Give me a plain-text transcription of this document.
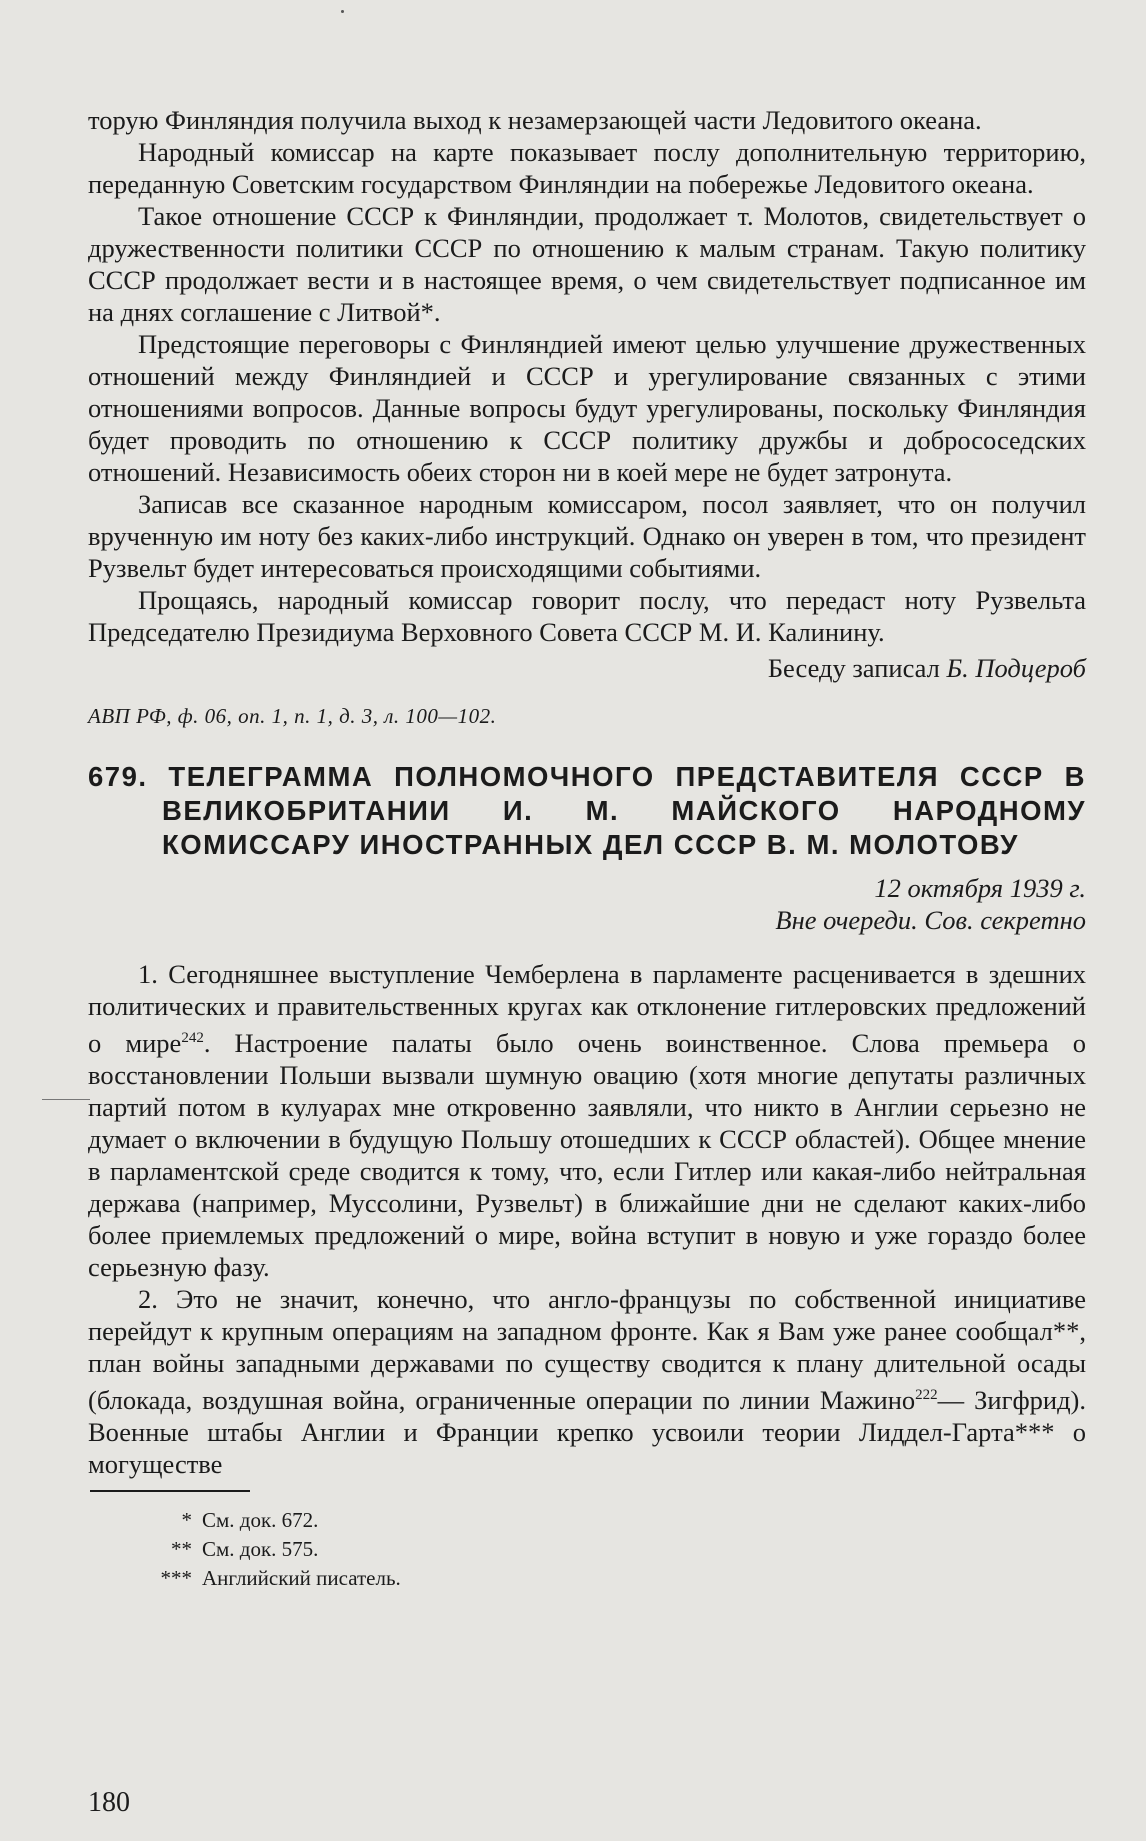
торую Финляндия получила выход к незамерзающей части Ледовитого океана.

Народный комиссар на карте показывает послу дополнительную территорию, переданную Советским государством Финляндии на побережье Ледовитого океана.

Такое отношение СССР к Финляндии, продолжает т. Молотов, свидетельствует о дружественности политики СССР по отношению к малым странам. Такую политику СССР продолжает вести и в настоящее время, о чем свидетельствует подписанное им на днях соглашение с Литвой*.

Предстоящие переговоры с Финляндией имеют целью улучшение дружественных отношений между Финляндией и СССР и урегулирование связанных с этими отношениями вопросов. Данные вопросы будут урегулированы, поскольку Финляндия будет проводить по отношению к СССР политику дружбы и добрососедских отношений. Независимость обеих сторон ни в коей мере не будет затронута.

Записав все сказанное народным комиссаром, посол заявляет, что он получил врученную им ноту без каких-либо инструкций. Однако он уверен в том, что президент Рузвельт будет интересоваться происходящими событиями.

Прощаясь, народный комиссар говорит послу, что передаст ноту Рузвельта Председателю Президиума Верховного Совета СССР М. И. Калинину.

Беседу записал Б. Подцероб

АВП РФ, ф. 06, оп. 1, п. 1, д. 3, л. 100—102.

679. ТЕЛЕГРАММА ПОЛНОМОЧНОГО ПРЕДСТАВИТЕЛЯ СССР В ВЕЛИКОБРИТАНИИ И. М. МАЙСКОГО НАРОДНОМУ КОМИССАРУ ИНОСТРАННЫХ ДЕЛ СССР В. М. МОЛОТОВУ

12 октября 1939 г.

Вне очереди. Сов. секретно

1. Сегодняшнее выступление Чемберлена в парламенте расценивается в здешних политических и правительственных кругах как отклонение гитлеровских предложений о мире$^{242}$. Настроение палаты было очень воинственное. Слова премьера о восстановлении Польши вызвали шумную овацию (хотя многие депутаты различных партий потом в кулуарах мне откровенно заявляли, что никто в Англии серьезно не думает о включении в будущую Польшу отошедших к СССР областей). Общее мнение в парламентской среде сводится к тому, что, если Гитлер или какая-либо нейтральная держава (например, Муссолини, Рузвельт) в ближайшие дни не сделают каких-либо более приемлемых предложений о мире, война вступит в новую и уже гораздо более серьезную фазу.

2. Это не значит, конечно, что англо-французы по собственной инициативе перейдут к крупным операциям на западном фронте. Как я Вам уже ранее сообщал**, план войны западными державами по существу сводится к плану длительной осады (блокада, воздушная война, ограниченные операции по линии Мажино$^{222}$— Зигфрид). Военные штабы Англии и Франции крепко усвоили теории Лиддел-Гарта*** о могуществе

* См. док. 672.
** См. док. 575.
*** Английский писатель.
180
